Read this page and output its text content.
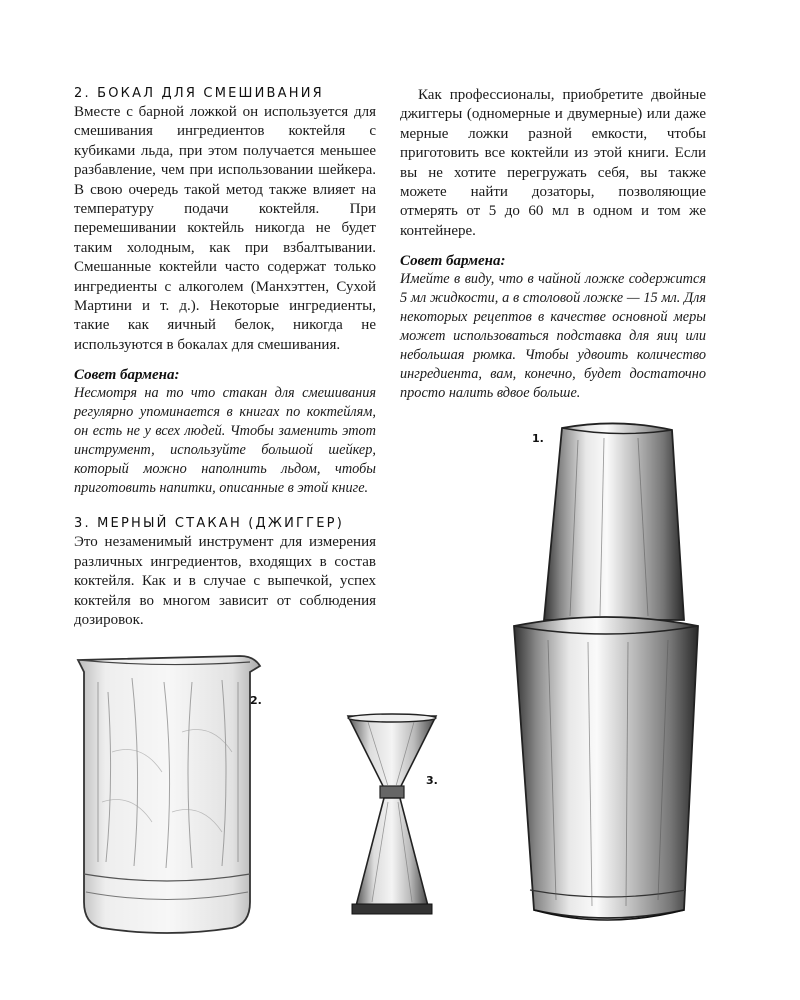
2. БОКАЛ ДЛЯ СМЕШИВАНИЯ

Вместе с барной ложкой он используется для смешивания ингредиентов коктейля с кубиками льда, при этом получается меньшее разбавление, чем при использовании шейкера. В свою очередь такой метод также влияет на температуру подачи коктейля. При перемешивании коктейль никогда не будет таким холодным, как при взбалтывании. Смешанные коктейли часто содержат только ингредиенты с алкоголем (Манхэттен, Сухой Мартини и т. д.). Некоторые ингредиенты, такие как яичный белок, никогда не используются в бокалах для смешивания.

Совет бармена:

Несмотря на то что стакан для смешивания регулярно упоминается в книгах по коктейлям, он есть не у всех людей. Чтобы заменить этот инструмент, используйте большой шейкер, который можно наполнить льдом, чтобы приготовить напитки, описанные в этой книге.

3. МЕРНЫЙ СТАКАН (ДЖИГГЕР)

Это незаменимый инструмент для измерения различных ингредиентов, входящих в состав коктейля. Как и в случае с выпечкой, успех коктейля во многом зависит от соблюдения дозировок.

Как профессионалы, приобретите двойные джиггеры (одномерные и двумерные) или даже мерные ложки разной емкости, чтобы приготовить все коктейли из этой книги. Если вы не хотите перегружать себя, вы также можете найти дозаторы, позволяющие отмерять от 5 до 60 мл в одном и том же контейнере.

Совет бармена:

Имейте в виду, что в чайной ложке содержится 5 мл жидкости, а в столовой ложке — 15 мл. Для некоторых рецептов в качестве основной меры может использоваться подставка для яиц или небольшая рюмка. Чтобы удвоить количество ингредиента, вам, конечно, будет достаточно просто налить вдвое больше.

2.
3.
1.
